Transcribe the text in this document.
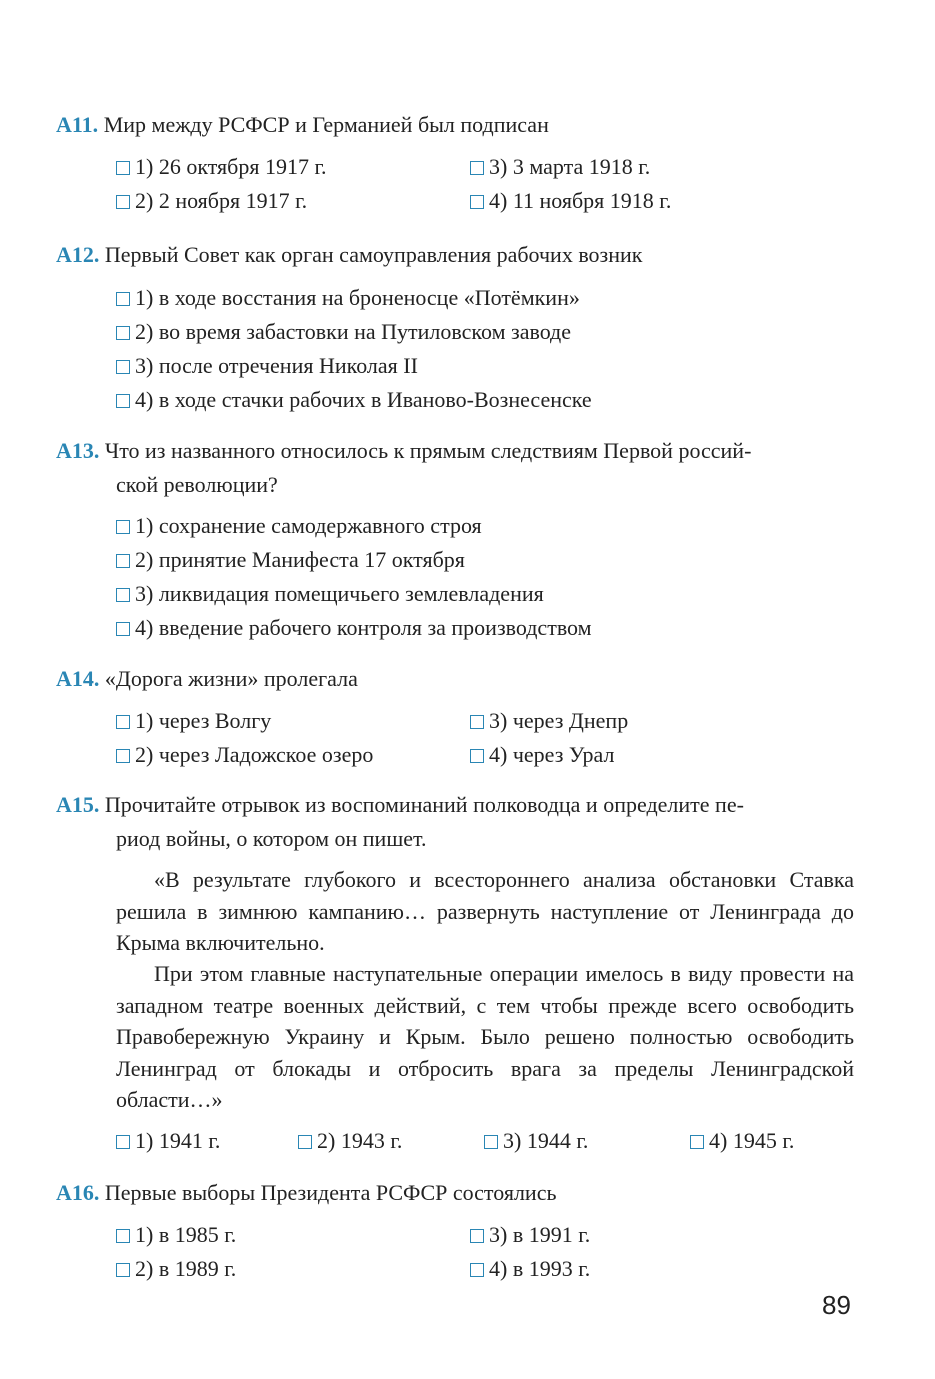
А11. Мир между РСФСР и Германией был подписан
1) 26 октября 1917 г.	3) 3 марта 1918 г.
2) 2 ноября 1917 г.	4) 11 ноября 1918 г.
А12. Первый Совет как орган самоуправления рабочих возник
1) в ходе восстания на броненосце «Потёмкин»
2) во время забастовки на Путиловском заводе
3) после отречения Николая II
4) в ходе стачки рабочих в Иваново-Вознесенске
А13. Что из названного относилось к прямым следствиям Первой россий-
ской революции?
1) сохранение самодержавного строя
2) принятие Манифеста 17 октября
3) ликвидация помещичьего землевладения
4) введение рабочего контроля за производством
А14. «Дорога жизни» пролегала
1) через Волгу	3) через Днепр
2) через Ладожское озеро	4) через Урал
А15. Прочитайте отрывок из воспоминаний полководца и определите пе-
риод войны, о котором он пишет.
«В результате глубокого и всестороннего анализа обстановки Ставка решила в зимнюю кампанию… развернуть наступление от Ленинграда до Крыма включительно.
При этом главные наступательные операции имелось в виду провести на западном театре военных действий, с тем чтобы прежде всего освободить Правобережную Украину и Крым. Было решено полностью освободить Ленинград от блокады и отбросить врага за пределы Ленинградской области…»
1) 1941 г.	2) 1943 г.	3) 1944 г.	4) 1945 г.
А16. Первые выборы Президента РСФСР состоялись
1) в 1985 г.	3) в 1991 г.
2) в 1989 г.	4) в 1993 г.
89
